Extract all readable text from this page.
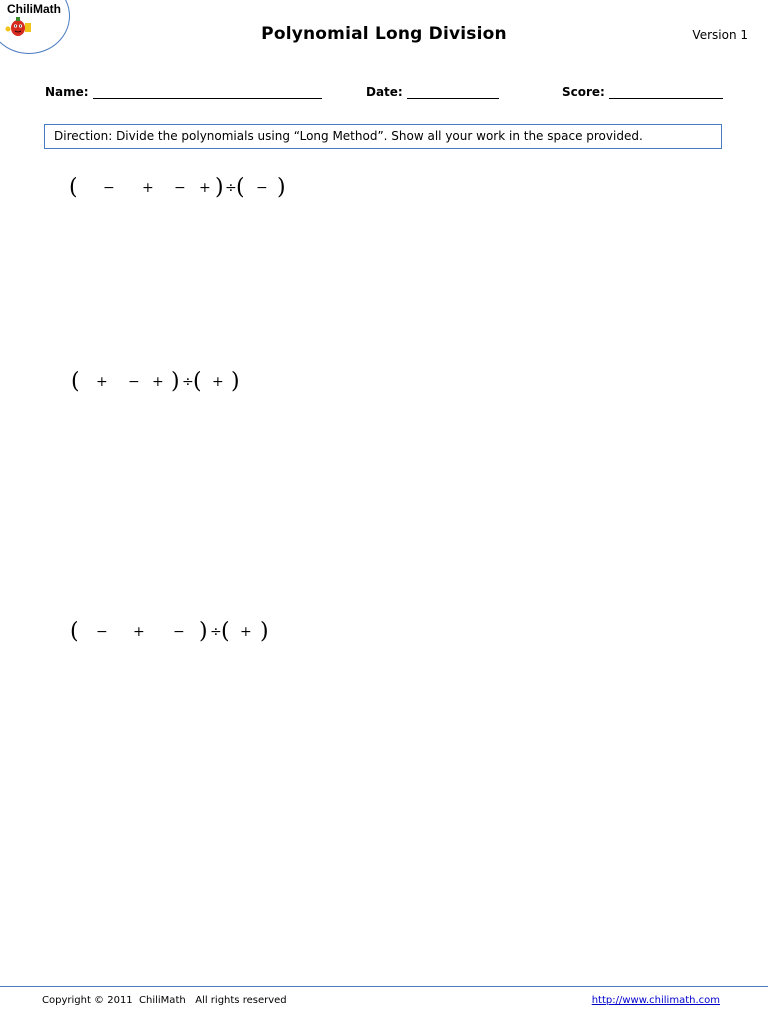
ChiliMath
Polynomial Long Division	Version 1
Name:	Date:	Score:
Direction: Divide the polynomials using “Long Method”. Show all your work in the space provided.
( − + − + ) ÷ ( − )
( + − + ) ÷ ( + )
( − + − ) ÷ ( + )
Copyright © 2011  ChiliMath   All rights reserved	http://www.chilimath.com
